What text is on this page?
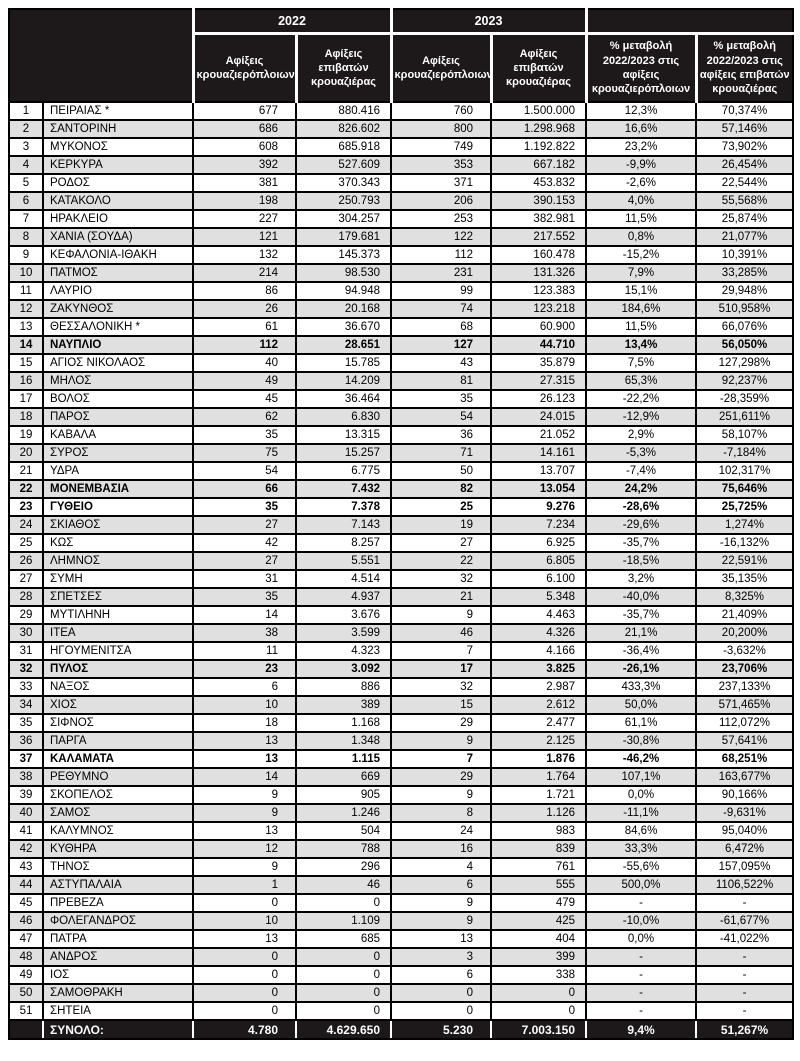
		2022		2023			
		Αφίξεις κρουαζιερόπλοιων	Αφίξεις επιβατών κρουαζιέρας	Αφίξεις κρουαζιερόπλοιων	Αφίξεις επιβατών κρουαζιέρας	% μεταβολή 2022/2023 στις αφίξεις κρουαζιερόπλοιων	% μεταβολή 2022/2023 στις αφίξεις επιβατών κρουαζιέρας
1	ΠΕΙΡΑΙΑΣ *	677	880.416	760	1.500.000	12,3%	70,374%
2	ΣΑΝΤΟΡΙΝΗ	686	826.602	800	1.298.968	16,6%	57,146%
3	ΜΥΚΟΝΟΣ	608	685.918	749	1.192.822	23,2%	73,902%
4	ΚΕΡΚΥΡΑ	392	527.609	353	667.182	-9,9%	26,454%
5	ΡΟΔΟΣ	381	370.343	371	453.832	-2,6%	22,544%
6	ΚΑΤΑΚΟΛΟ	198	250.793	206	390.153	4,0%	55,568%
7	ΗΡΑΚΛΕΙΟ	227	304.257	253	382.981	11,5%	25,874%
8	ΧΑΝΙΑ (ΣΟΥΔΑ)	121	179.681	122	217.552	0,8%	21,077%
9	ΚΕΦΑΛΟΝΙΑ-ΙΘΑΚΗ	132	145.373	112	160.478	-15,2%	10,391%
10	ΠΑΤΜΟΣ	214	98.530	231	131.326	7,9%	33,285%
11	ΛΑΥΡΙΟ	86	94.948	99	123.383	15,1%	29,948%
12	ΖΑΚΥΝΘΟΣ	26	20.168	74	123.218	184,6%	510,958%
13	ΘΕΣΣΑΛΟΝΙΚΗ *	61	36.670	68	60.900	11,5%	66,076%
14	ΝΑΥΠΛΙΟ	112	28.651	127	44.710	13,4%	56,050%
15	ΑΓΙΟΣ ΝΙΚΟΛΑΟΣ	40	15.785	43	35.879	7,5%	127,298%
16	ΜΗΛΟΣ	49	14.209	81	27.315	65,3%	92,237%
17	ΒΟΛΟΣ	45	36.464	35	26.123	-22,2%	-28,359%
18	ΠΑΡΟΣ	62	6.830	54	24.015	-12,9%	251,611%
19	ΚΑΒΑΛΑ	35	13.315	36	21.052	2,9%	58,107%
20	ΣΥΡΟΣ	75	15.257	71	14.161	-5,3%	-7,184%
21	ΥΔΡΑ	54	6.775	50	13.707	-7,4%	102,317%
22	ΜΟΝΕΜΒΑΣΙΑ	66	7.432	82	13.054	24,2%	75,646%
23	ΓΥΘΕΙΟ	35	7.378	25	9.276	-28,6%	25,725%
24	ΣΚΙΑΘΟΣ	27	7.143	19	7.234	-29,6%	1,274%
25	ΚΩΣ	42	8.257	27	6.925	-35,7%	-16,132%
26	ΛΗΜΝΟΣ	27	5.551	22	6.805	-18,5%	22,591%
27	ΣΥΜΗ	31	4.514	32	6.100	3,2%	35,135%
28	ΣΠΕΤΣΕΣ	35	4.937	21	5.348	-40,0%	8,325%
29	ΜΥΤΙΛΗΝΗ	14	3.676	9	4.463	-35,7%	21,409%
30	ΙΤΕΑ	38	3.599	46	4.326	21,1%	20,200%
31	ΗΓΟΥΜΕΝΙΤΣΑ	11	4.323	7	4.166	-36,4%	-3,632%
32	ΠΥΛΟΣ	23	3.092	17	3.825	-26,1%	23,706%
33	ΝΑΞΟΣ	6	886	32	2.987	433,3%	237,133%
34	ΧΙΟΣ	10	389	15	2.612	50,0%	571,465%
35	ΣΙΦΝΟΣ	18	1.168	29	2.477	61,1%	112,072%
36	ΠΑΡΓΑ	13	1.348	9	2.125	-30,8%	57,641%
37	ΚΑΛΑΜΑΤΑ	13	1.115	7	1.876	-46,2%	68,251%
38	ΡΕΘΥΜΝΟ	14	669	29	1.764	107,1%	163,677%
39	ΣΚΟΠΕΛΟΣ	9	905	9	1.721	0,0%	90,166%
40	ΣΑΜΟΣ	9	1.246	8	1.126	-11,1%	-9,631%
41	ΚΑΛΥΜΝΟΣ	13	504	24	983	84,6%	95,040%
42	ΚΥΘΗΡΑ	12	788	16	839	33,3%	6,472%
43	ΤΗΝΟΣ	9	296	4	761	-55,6%	157,095%
44	ΑΣΤΥΠΑΛΑΙΑ	1	46	6	555	500,0%	1106,522%
45	ΠΡΕΒΕΖΑ	0	0	9	479	-	-
46	ΦΟΛΕΓΑΝΔΡΟΣ	10	1.109	9	425	-10,0%	-61,677%
47	ΠΑΤΡΑ	13	685	13	404	0,0%	-41,022%
48	ΑΝΔΡΟΣ	0	0	3	399	-	-
49	ΙΟΣ	0	0	6	338	-	-
50	ΣΑΜΟΘΡΑΚΗ	0	0	0	0	-	-
51	ΣΗΤΕΙΑ	0	0	0	0	-	-
	ΣΥΝΟΛΟ:	4.780	4.629.650	5.230	7.003.150	9,4%	51,267%
